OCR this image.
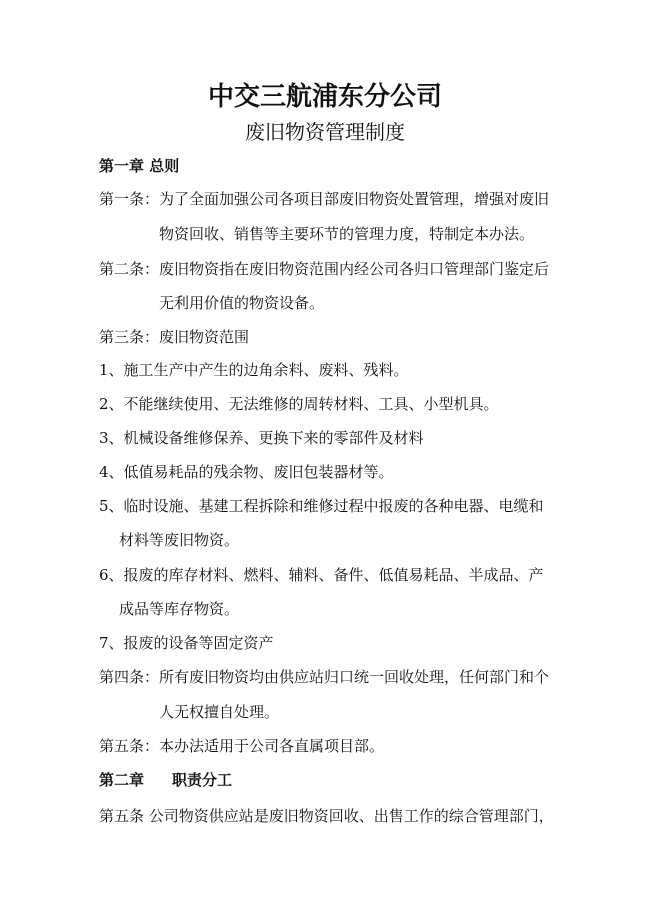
中交三航浦东分公司
废旧物资管理制度
第一章 总则
第一条：为了全面加强公司各项目部废旧物资处置管理，增强对废旧
物资回收、销售等主要环节的管理力度，特制定本办法。
第二条：废旧物资指在废旧物资范围内经公司各归口管理部门鉴定后
无利用价值的物资设备。
第三条：废旧物资范围
1、施工生产中产生的边角余料、废料、残料。
2、不能继续使用、无法维修的周转材料、工具、小型机具。
3、机械设备维修保养、更换下来的零部件及材料
4、低值易耗品的残余物、废旧包装器材等。
5、临时设施、基建工程拆除和维修过程中报废的各种电器、电缆和
材料等废旧物资。
6、报废的库存材料、燃料、辅料、备件、低值易耗品、半成品、产
成品等库存物资。
7、报废的设备等固定资产
第四条：所有废旧物资均由供应站归口统一回收处理，任何部门和个
人无权擅自处理。
第五条：本办法适用于公司各直属项目部。
第二章 职责分工
第五条 公司物资供应站是废旧物资回收、出售工作的综合管理部门，
